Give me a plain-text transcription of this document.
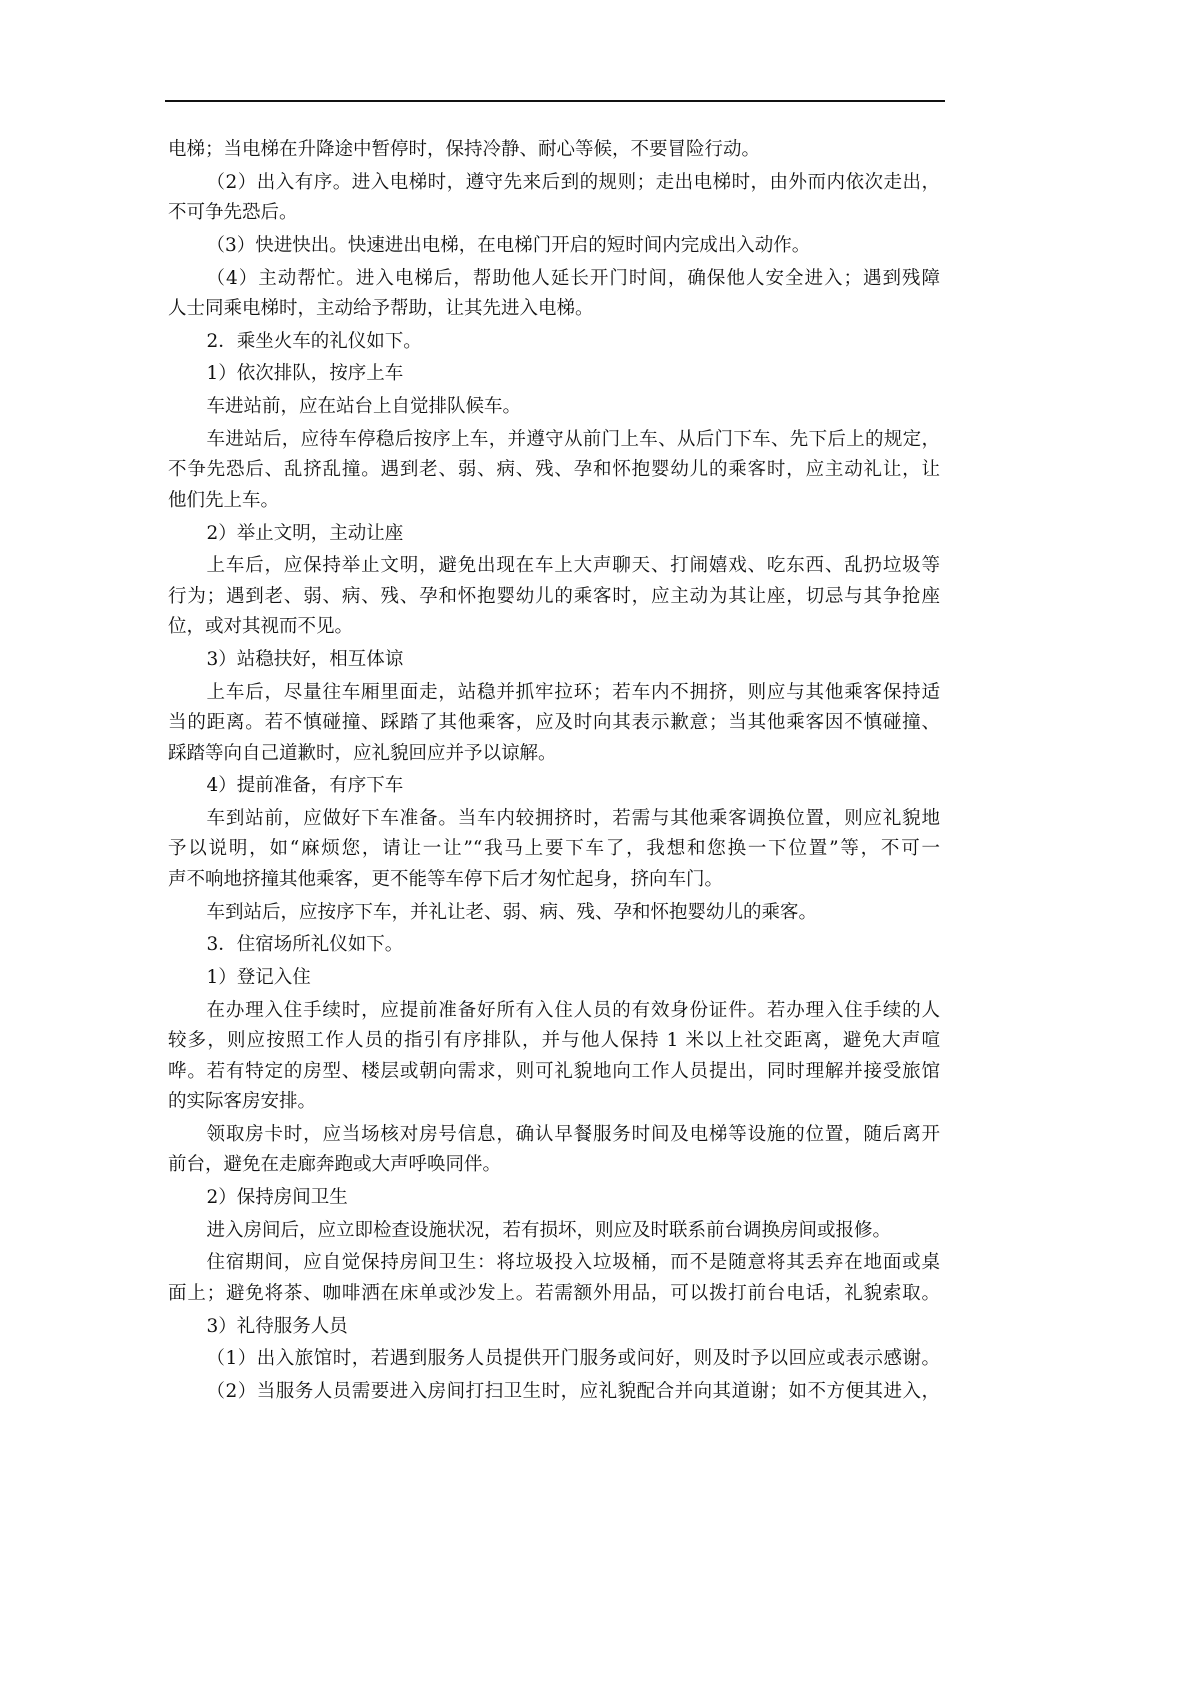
电梯；当电梯在升降途中暂停时，保持冷静、耐心等候，不要冒险行动。
（2）出入有序。进入电梯时，遵守先来后到的规则；走出电梯时，由外而内依次走出，
不可争先恐后。
（3）快进快出。快速进出电梯，在电梯门开启的短时间内完成出入动作。
（4）主动帮忙。进入电梯后，帮助他人延长开门时间，确保他人安全进入；遇到残障
人士同乘电梯时，主动给予帮助，让其先进入电梯。
2．乘坐火车的礼仪如下。
1）依次排队，按序上车
车进站前，应在站台上自觉排队候车。
车进站后，应待车停稳后按序上车，并遵守从前门上车、从后门下车、先下后上的规定，
不争先恐后、乱挤乱撞。遇到老、弱、病、残、孕和怀抱婴幼儿的乘客时，应主动礼让，让
他们先上车。
2）举止文明，主动让座
上车后，应保持举止文明，避免出现在车上大声聊天、打闹嬉戏、吃东西、乱扔垃圾等
行为；遇到老、弱、病、残、孕和怀抱婴幼儿的乘客时，应主动为其让座，切忌与其争抢座
位，或对其视而不见。
3）站稳扶好，相互体谅
上车后，尽量往车厢里面走，站稳并抓牢拉环；若车内不拥挤，则应与其他乘客保持适
当的距离。若不慎碰撞、踩踏了其他乘客，应及时向其表示歉意；当其他乘客因不慎碰撞、
踩踏等向自己道歉时，应礼貌回应并予以谅解。
4）提前准备，有序下车
车到站前，应做好下车准备。当车内较拥挤时，若需与其他乘客调换位置，则应礼貌地
予以说明，如“麻烦您，请让一让”“我马上要下车了，我想和您换一下位置”等，不可一
声不响地挤撞其他乘客，更不能等车停下后才匆忙起身，挤向车门。
车到站后，应按序下车，并礼让老、弱、病、残、孕和怀抱婴幼儿的乘客。
3．住宿场所礼仪如下。
1）登记入住
在办理入住手续时，应提前准备好所有入住人员的有效身份证件。若办理入住手续的人
较多，则应按照工作人员的指引有序排队，并与他人保持 1 米以上社交距离，避免大声喧
哗。若有特定的房型、楼层或朝向需求，则可礼貌地向工作人员提出，同时理解并接受旅馆
的实际客房安排。
领取房卡时，应当场核对房号信息，确认早餐服务时间及电梯等设施的位置，随后离开
前台，避免在走廊奔跑或大声呼唤同伴。
2）保持房间卫生
进入房间后，应立即检查设施状况，若有损坏，则应及时联系前台调换房间或报修。
住宿期间，应自觉保持房间卫生：将垃圾投入垃圾桶，而不是随意将其丢弃在地面或桌
面上；避免将茶、咖啡洒在床单或沙发上。若需额外用品，可以拨打前台电话，礼貌索取。
3）礼待服务人员
（1）出入旅馆时，若遇到服务人员提供开门服务或问好，则及时予以回应或表示感谢。
（2）当服务人员需要进入房间打扫卫生时，应礼貌配合并向其道谢；如不方便其进入，
